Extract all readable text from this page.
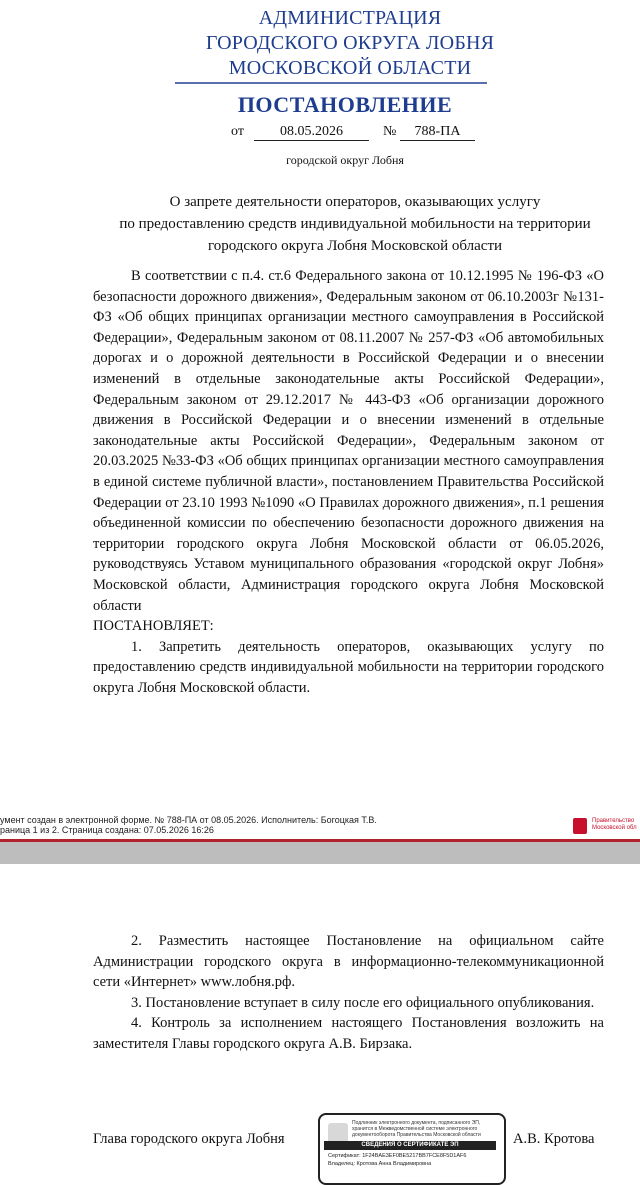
АДМИНИСТРАЦИЯ
ГОРОДСКОГО ОКРУГА ЛОБНЯ
МОСКОВСКОЙ ОБЛАСТИ
ПОСТАНОВЛЕНИЕ
от	08.05.2026	№	788-ПА
городской округ Лобня
О запрете деятельности операторов, оказывающих услугу
по предоставлению средств индивидуальной мобильности на территории
городского округа Лобня Московской области

В соответствии с п.4. ст.6 Федерального закона от 10.12.1995 № 196-ФЗ «О безопасности дорожного движения», Федеральным законом от 06.10.2003г №131-ФЗ «Об общих принципах организации местного самоуправления в Российской Федерации», Федеральным законом от 08.11.2007 № 257-ФЗ «Об автомобильных дорогах и о дорожной деятельности в Российской Федерации и о внесении изменений в отдельные законодательные акты Российской Федерации», Федеральным законом от 29.12.2017 № 443-ФЗ «Об организации дорожного движения в Российской Федерации и о внесении изменений в отдельные законодательные акты Российской Федерации», Федеральным законом от 20.03.2025 №33-ФЗ «Об общих принципах организации местного самоуправления в единой системе публичной власти», постановлением Правительства Российской Федерации от 23.10 1993 №1090 «О Правилах дорожного движения», п.1 решения объединенной комиссии по обеспечению безопасности дорожного движения на территории городского округа Лобня Московской области от 06.05.2026, руководствуясь Уставом муниципального образования «городской округ Лобня» Московской области, Администрация городского округа Лобня Московской области

ПОСТАНОВЛЯЕТ:

1. Запретить деятельность операторов, оказывающих услугу по предоставлению средств индивидуальной мобильности на территории городского округа Лобня Московской области.

умент создан в электронной форме. № 788-ПА от 08.05.2026. Исполнитель: Богоцкая Т.В.
раница 1 из 2. Страница создана: 07.05.2026 16:26
Правительство
Московской обл

2. Разместить настоящее Постановление на официальном сайте Администрации городского округа в информационно-телекоммуникационной сети «Интернет» www.лобня.рф.

3. Постановление вступает в силу после его официального опубликования.

4. Контроль за исполнением настоящего Постановления возложить на заместителя Главы городского округа А.В. Бирзака.

Глава городского округа Лобня	А.В. Кротова
Подлинник электронного документа, подписанного ЭП, хранится в Межведомственной системе электронного документооборота Правительства Московской области
СВЕДЕНИЯ О СЕРТИФИКАТЕ ЭП
Сертификат: 1F24BAE3EF0BE5217BB7FCE8F5D1AF6
Владелец: Кротова Анна Владимировна
